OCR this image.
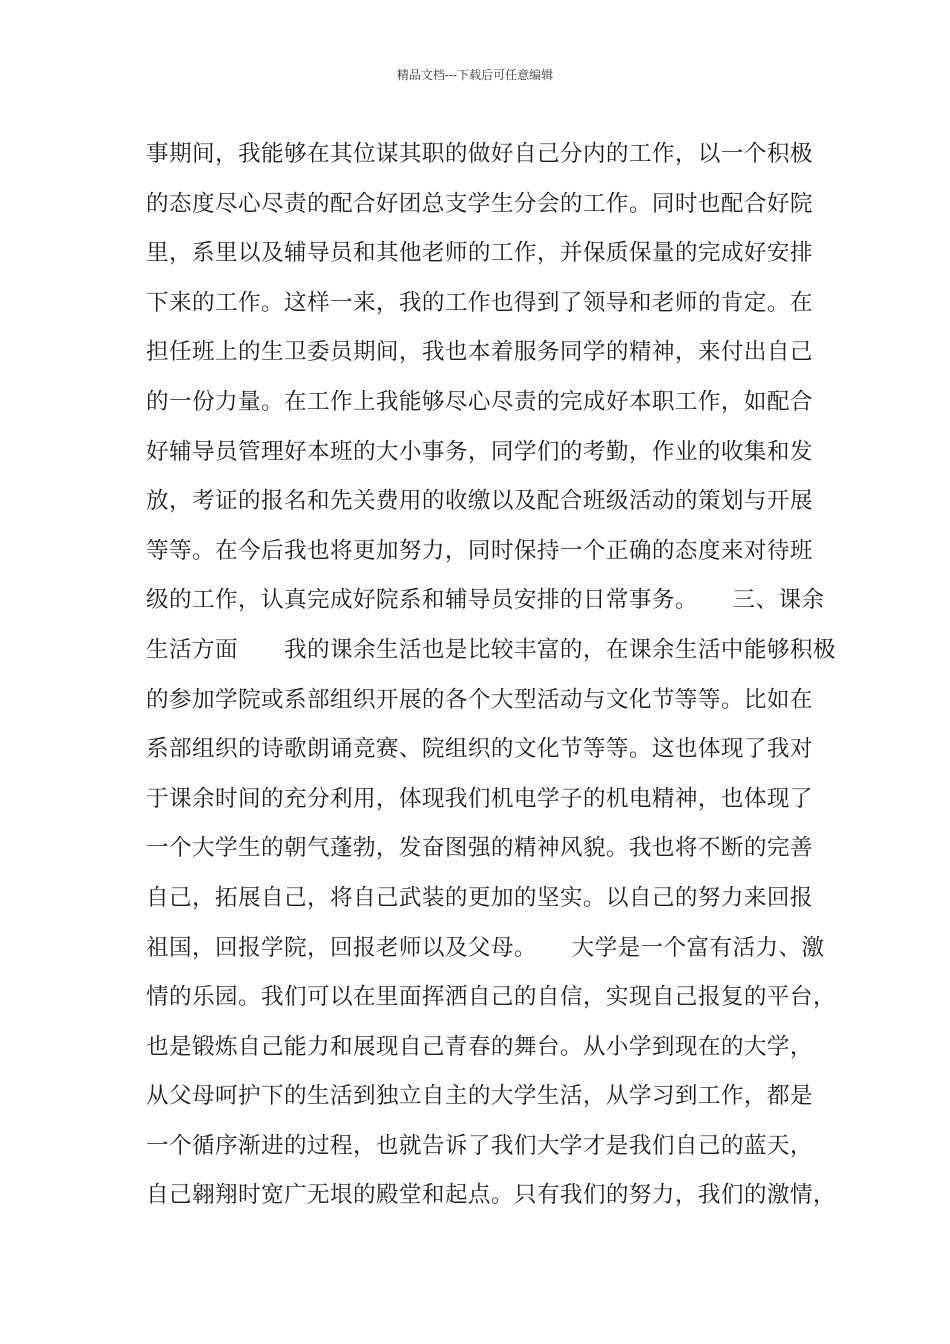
精品文档---下载后可任意编辑
事期间，我能够在其位谋其职的做好自己分内的工作，以一个积极
的态度尽心尽责的配合好团总支学生分会的工作。同时也配合好院
里，系里以及辅导员和其他老师的工作，并保质保量的完成好安排
下来的工作。这样一来，我的工作也得到了领导和老师的肯定。在
担任班上的生卫委员期间，我也本着服务同学的精神，来付出自己
的一份力量。在工作上我能够尽心尽责的完成好本职工作，如配合
好辅导员管理好本班的大小事务，同学们的考勤，作业的收集和发
放，考证的报名和先关费用的收缴以及配合班级活动的策划与开展
等等。在今后我也将更加努力，同时保持一个正确的态度来对待班
级的工作，认真完成好院系和辅导员安排的日常事务。　　三、课余
生活方面　　我的课余生活也是比较丰富的，在课余生活中能够积极
的参加学院或系部组织开展的各个大型活动与文化节等等。比如在
系部组织的诗歌朗诵竞赛、院组织的文化节等等。这也体现了我对
于课余时间的充分利用，体现我们机电学子的机电精神，也体现了
一个大学生的朝气蓬勃，发奋图强的精神风貌。我也将不断的完善
自己，拓展自己，将自己武装的更加的坚实。以自己的努力来回报
祖国，回报学院，回报老师以及父母。　　大学是一个富有活力、激
情的乐园。我们可以在里面挥洒自己的自信，实现自己报复的平台，
也是锻炼自己能力和展现自己青春的舞台。从小学到现在的大学，
从父母呵护下的生活到独立自主的大学生活，从学习到工作，都是
一个循序渐进的过程，也就告诉了我们大学才是我们自己的蓝天，
自己翱翔时宽广无垠的殿堂和起点。只有我们的努力，我们的激情，
